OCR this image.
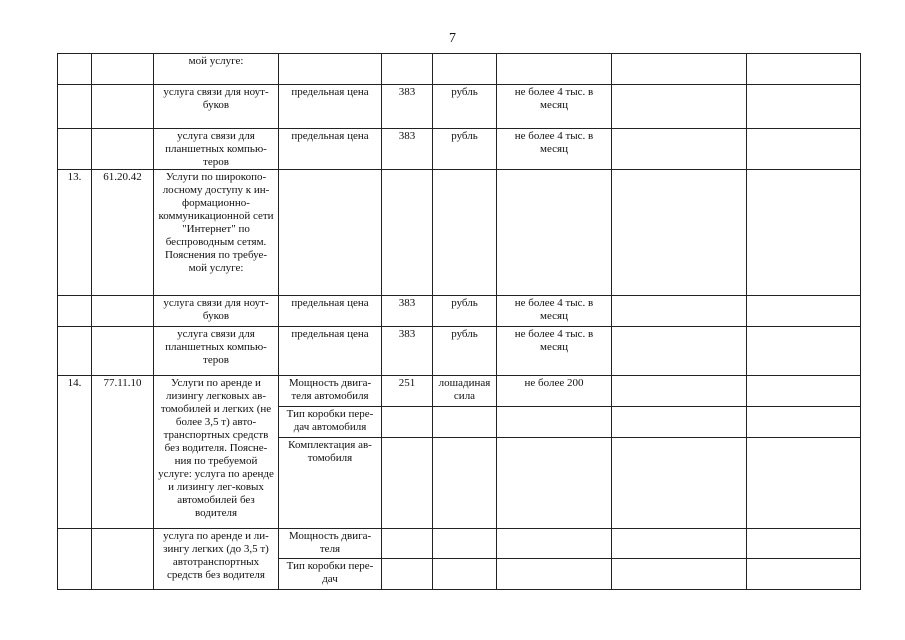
7
		мой услуге:						
		услуга связи для ноут-буков	предельная цена	383	рубль	не более 4 тыс. в месяц		
		услуга связи для планшетных компью-теров	предельная цена	383	рубль	не более 4 тыс. в месяц		
13.	61.20.42	Услуги по широкопо-лосному доступу к ин-формационно-коммуникационной сети "Интернет" по беспроводным сетям. Пояснения по требуе-мой услуге:						
		услуга связи для ноут-буков	предельная цена	383	рубль	не более 4 тыс. в месяц		
		услуга связи для планшетных компью-теров	предельная цена	383	рубль	не более 4 тыс. в месяц		
14.	77.11.10	Услуги по аренде и лизингу легковых ав-томобилей и легких (не более 3,5 т) авто-транспортных средств без водителя. Поясне-ния по требуемой услуге: услуга по аренде и лизингу лег-ковых автомобилей без водителя	Мощность двига-теля автомобиля	251	лошадиная сила	не более 200		
			Тип коробки пере-дач автомобиля					
			Комплектация ав-томобиля					
		услуга по аренде и ли-зингу легких (до 3,5 т) автотранспортных средств без водителя	Мощность двига-теля					
			Тип коробки пере-дач					
